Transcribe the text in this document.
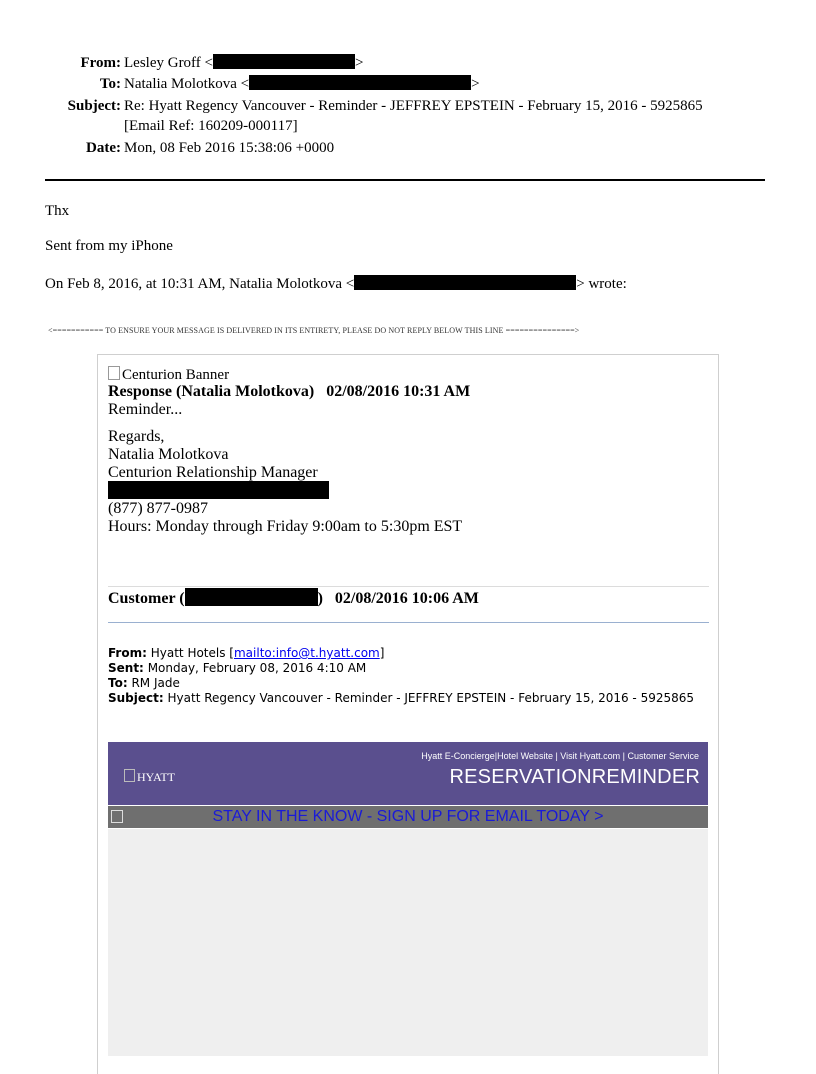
From: Lesley Groff <	>
To: Natalia Molotkova <	>
Subject: Re: Hyatt Regency Vancouver - Reminder - JEFFREY EPSTEIN - February 15, 2016 - 5925865
[Email Ref: 160209-000117]
Date: Mon, 08 Feb 2016 15:38:06 +0000
Thx
Sent from my iPhone
On Feb 8, 2016, at 10:31 AM, Natalia Molotkova <	> wrote:
<=========== TO ENSURE YOUR MESSAGE IS DELIVERED IN ITS ENTIRETY, PLEASE DO NOT REPLY BELOW THIS LINE ===============>
Centurion Banner
Response (Natalia Molotkova)   02/08/2016 10:31 AM
Reminder...
Regards,
Natalia Molotkova
Centurion Relationship Manager
(877) 877-0987
Hours: Monday through Friday 9:00am to 5:30pm EST
Customer (	)   02/08/2016 10:06 AM
From: Hyatt Hotels [mailto:info@t.hyatt.com]
Sent: Monday, February 08, 2016 4:10 AM
To: RM Jade
Subject: Hyatt Regency Vancouver - Reminder - JEFFREY EPSTEIN - February 15, 2016 - 5925865
HYATT
Hyatt E-Concierge|Hotel Website | Visit Hyatt.com | Customer Service
RESERVATIONREMINDER
STAY IN THE KNOW - SIGN UP FOR EMAIL TODAY >
